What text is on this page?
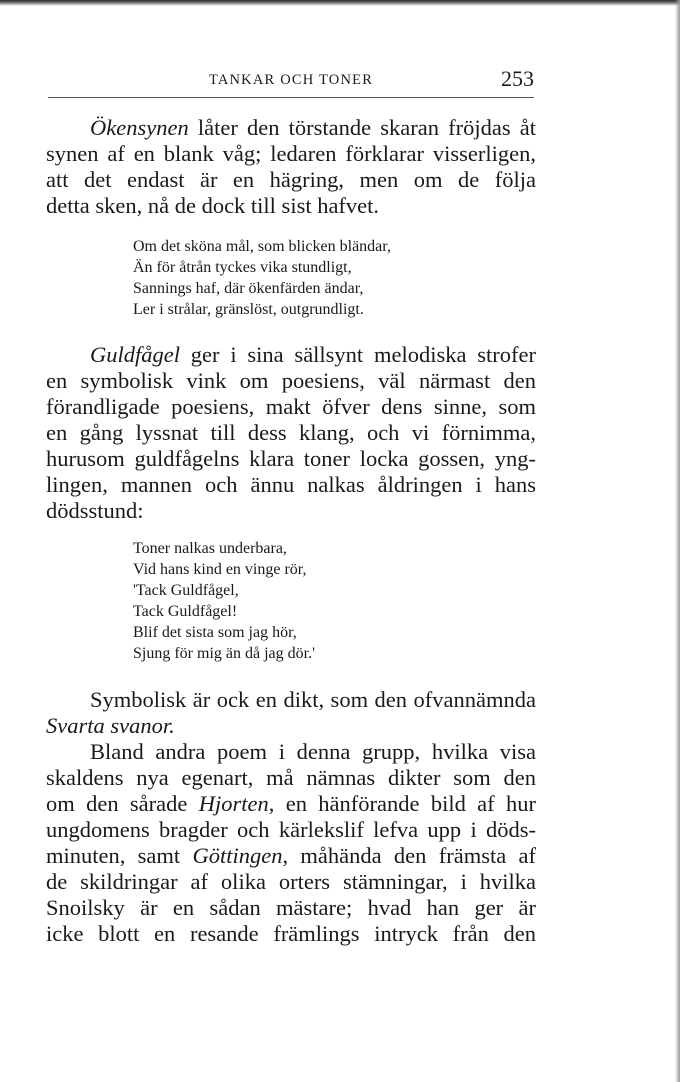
TANKAR OCH TONER	253
Ökensynen låter den törstande skaran fröjdas åt
synen af en blank våg; ledaren förklarar visserligen,
att det endast är en hägring, men om de följa
detta sken, nå de dock till sist hafvet.
Om det sköna mål, som blicken bländar,
Än för åtrån tyckes vika stundligt,
Sannings haf, där ökenfärden ändar,
Ler i strålar, gränslöst, outgrundligt.
Guldfågel ger i sina sällsynt melodiska strofer
en symbolisk vink om poesiens, väl närmast den
förandligade poesiens, makt öfver dens sinne, som
en gång lyssnat till dess klang, och vi förnimma,
hurusom guldfågelns klara toner locka gossen, yng-
lingen, mannen och ännu nalkas åldringen i hans
dödsstund:
Toner nalkas underbara,
Vid hans kind en vinge rör,
'Tack Guldfågel,
Tack Guldfågel!
Blif det sista som jag hör,
Sjung för mig än då jag dör.'
Symbolisk är ock en dikt, som den ofvannämnda
Svarta svanor.
Bland andra poem i denna grupp, hvilka visa
skaldens nya egenart, må nämnas dikter som den
om den sårade Hjorten, en hänförande bild af hur
ungdomens bragder och kärlekslif lefva upp i döds-
minuten, samt Göttingen, måhända den främsta af
de skildringar af olika orters stämningar, i hvilka
Snoilsky är en sådan mästare; hvad han ger är
icke blott en resande främlings intryck från den
